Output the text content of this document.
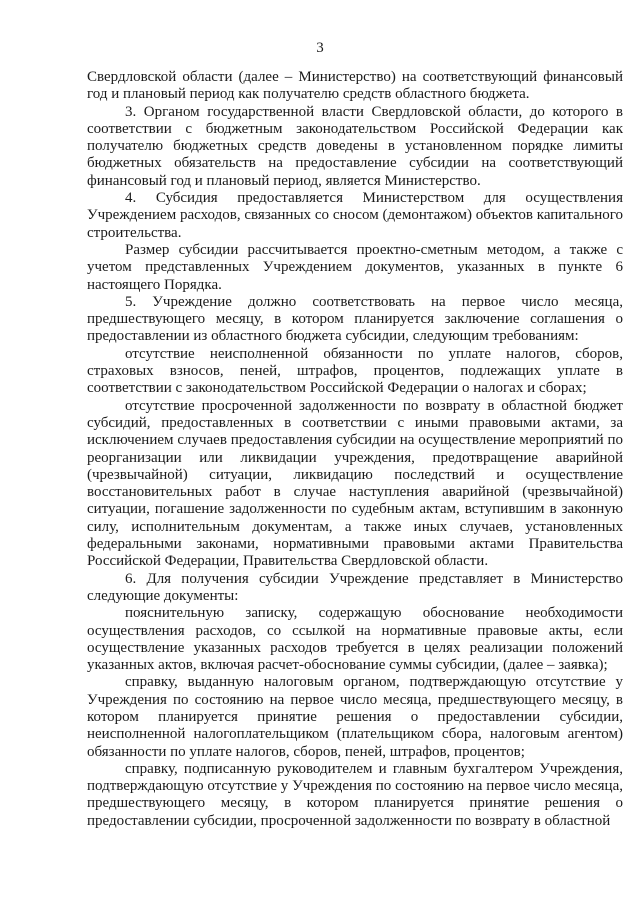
3

Свердловской области (далее – Министерство) на соответствующий финансовый год и плановый период как получателю средств областного бюджета.

3. Органом государственной власти Свердловской области, до которого в соответствии с бюджетным законодательством Российской Федерации как получателю бюджетных средств доведены в установленном порядке лимиты бюджетных обязательств на предоставление субсидии на соответствующий финансовый год и плановый период, является Министерство.

4. Субсидия предоставляется Министерством для осуществления Учреждением расходов, связанных со сносом (демонтажом) объектов капитального строительства.

Размер субсидии рассчитывается проектно-сметным методом, а также с учетом представленных Учреждением документов, указанных в пункте 6 настоящего Порядка.

5. Учреждение должно соответствовать на первое число месяца, предшествующего месяцу, в котором планируется заключение соглашения о предоставлении из областного бюджета субсидии, следующим требованиям:

отсутствие неисполненной обязанности по уплате налогов, сборов, страховых взносов, пеней, штрафов, процентов, подлежащих уплате в соответствии с законодательством Российской Федерации о налогах и сборах;

отсутствие просроченной задолженности по возврату в областной бюджет субсидий, предоставленных в соответствии с иными правовыми актами, за исключением случаев предоставления субсидии на осуществление мероприятий по реорганизации или ликвидации учреждения, предотвращение аварийной (чрезвычайной) ситуации, ликвидацию последствий и осуществление восстановительных работ в случае наступления аварийной (чрезвычайной) ситуации, погашение задолженности по судебным актам, вступившим в законную силу, исполнительным документам, а также иных случаев, установленных федеральными законами, нормативными правовыми актами Правительства Российской Федерации, Правительства Свердловской области.

6. Для получения субсидии Учреждение представляет в Министерство следующие документы:

пояснительную записку, содержащую обоснование необходимости осуществления расходов, со ссылкой на нормативные правовые акты, если осуществление указанных расходов требуется в целях реализации положений указанных актов, включая расчет-обоснование суммы субсидии, (далее – заявка);

справку, выданную налоговым органом, подтверждающую отсутствие у Учреждения по состоянию на первое число месяца, предшествующего месяцу, в котором планируется принятие решения о предоставлении субсидии, неисполненной налогоплательщиком (плательщиком сбора, налоговым агентом) обязанности по уплате налогов, сборов, пеней, штрафов, процентов;

справку, подписанную руководителем и главным бухгалтером Учреждения, подтверждающую отсутствие у Учреждения по состоянию на первое число месяца, предшествующего месяцу, в котором планируется принятие решения о предоставлении субсидии, просроченной задолженности по возврату в областной
